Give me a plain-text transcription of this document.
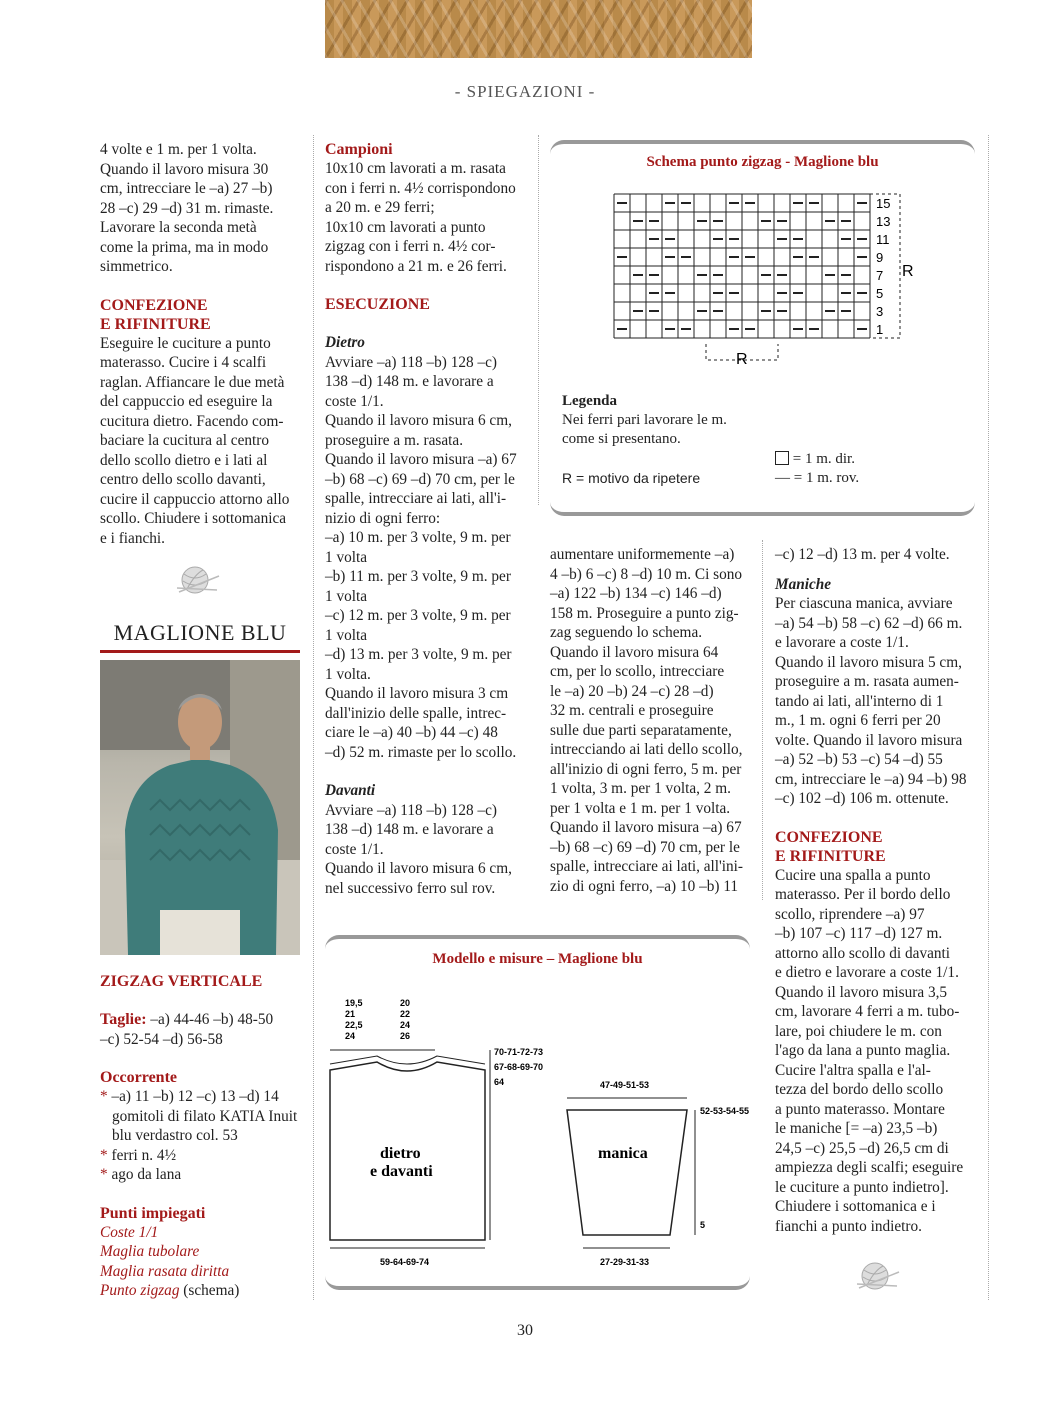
- SPIEGAZIONI -

4 volte e 1 m. per 1 volta.

Quando il lavoro misura 30

cm, intrecciare le –a) 27 –b)

28 –c) 29 –d) 31 m. rimaste.

Lavorare la seconda metà

come la prima, ma in modo

simmetrico.

CONFEZIONE

E RIFINITURE

Eseguire le cuciture a punto

materasso. Cucire i 4 scalfi

raglan. Affiancare le due metà

del cappuccio ed eseguire la

cucitura dietro. Facendo com-

baciare la cucitura al centro

dello scollo dietro e i lati al

centro dello scollo davanti,

cucire il cappuccio attorno allo

scollo. Chiudere i sottomanica

e i fianchi.

MAGLIONE BLU
ZIGZAG VERTICALE

Taglie: –a) 44-46 –b) 48-50

–c) 52-54 –d) 56-58

Occorrente

* –a) 11 –b) 12 –c) 13 –d) 14 gomitoli di filato KATIA Inuit blu verdastro col. 53

* ferri n. 4½

* ago da lana

Punti impiegati

Coste 1/1

Maglia tubolare

Maglia rasata diritta

Punto zigzag (schema)

Campioni

10x10 cm lavorati a m. rasata

con i ferri n. 4½ corrispondono

a 20 m. e 29 ferri;

10x10 cm lavorati a punto

zigzag con i ferri n. 4½ cor-

rispondono a 21 m. e 26 ferri.

ESECUZIONE
Dietro

Avviare –a) 118 –b) 128 –c)

138 –d) 148 m. e lavorare a

coste 1/1.

Quando il lavoro misura 6 cm,

proseguire a m. rasata.

Quando il lavoro misura –a) 67

–b) 68 –c) 69 –d) 70 cm, per le

spalle, intrecciare ai lati, all'i-

nizio di ogni ferro:

–a) 10 m. per 3 volte, 9 m. per

1 volta

–b) 11 m. per 3 volte, 9 m. per

1 volta

–c) 12 m. per 3 volte, 9 m. per

1 volta

–d) 13 m. per 3 volte, 9 m. per

1 volta.

Quando il lavoro misura 3 cm

dall'inizio delle spalle, intrec-

ciare le –a) 40 –b) 44 –c) 48

–d) 52 m. rimaste per lo scollo.

Davanti

Avviare –a) 118 –b) 128 –c)

138 –d) 148 m. e lavorare a

coste 1/1.

Quando il lavoro misura 6 cm,

nel successivo ferro sul rov.

Schema punto zigzag - Maglione blu
15
13
11
9
7
5
3
1
R
R

Legenda

Nei ferri pari lavorare le m.

come si presentano.

R = motivo da ripetere
= 1 m. dir.
— = 1 m. rov.

aumentare uniformemente –a)

4 –b) 6 –c) 8 –d) 10 m. Ci sono

–a) 122 –b) 134 –c) 146 –d)

158 m. Proseguire a punto zig-

zag seguendo lo schema.

Quando il lavoro misura 64

cm, per lo scollo, intrecciare

le –a) 20 –b) 24 –c) 28 –d)

32 m. centrali e proseguire

sulle due parti separatamente,

intrecciando ai lati dello scollo,

all'inizio di ogni ferro, 5 m. per

1 volta, 3 m. per 1 volta, 2 m.

per 1 volta e 1 m. per 1 volta.

Quando il lavoro misura –a) 67

–b) 68 –c) 69 –d) 70 cm, per le

spalle, intrecciare ai lati, all'ini-

zio di ogni ferro, –a) 10 –b) 11

–c) 12 –d) 13 m. per 4 volte.

Maniche

Per ciascuna manica, avviare

–a) 54 –b) 58 –c) 62 –d) 66 m.

e lavorare a coste 1/1.

Quando il lavoro misura 5 cm,

proseguire a m. rasata aumen-

tando ai lati, all'interno di 1

m., 1 m. ogni 6 ferri per 20

volte. Quando il lavoro misura

–a) 52 –b) 53 –c) 54 –d) 55

cm, intrecciare le –a) 94 –b) 98

–c) 102 –d) 106 m. ottenute.

CONFEZIONE

E RIFINITURE

Cucire una spalla a punto

materasso. Per il bordo dello

scollo, riprendere –a) 97

–b) 107 –c) 117 –d) 127 m.

attorno allo scollo di davanti

e dietro e lavorare a coste 1/1.

Quando il lavoro misura 3,5

cm, lavorare 4 ferri a m. tubo-

lare, poi chiudere le m. con

l'ago da lana a punto maglia.

Cucire l'altra spalla e l'al-

tezza del bordo dello scollo

a punto materasso. Montare

le maniche [= –a) 23,5 –b)

24,5 –c) 25,5 –d) 26,5 cm di

ampiezza degli scalfi; eseguire

le cuciture a punto indietro].

Chiudere i sottomanica e i

fianchi a punto indietro.

Modello e misure – Maglione blu
19,5
21
22,5
24
20
22
24
26
dietro
e davanti
59-64-69-74
70-71-72-73
67-68-69-70
64	47-49-51-53
52-53-54-55
5
manica
27-29-31-33
30
